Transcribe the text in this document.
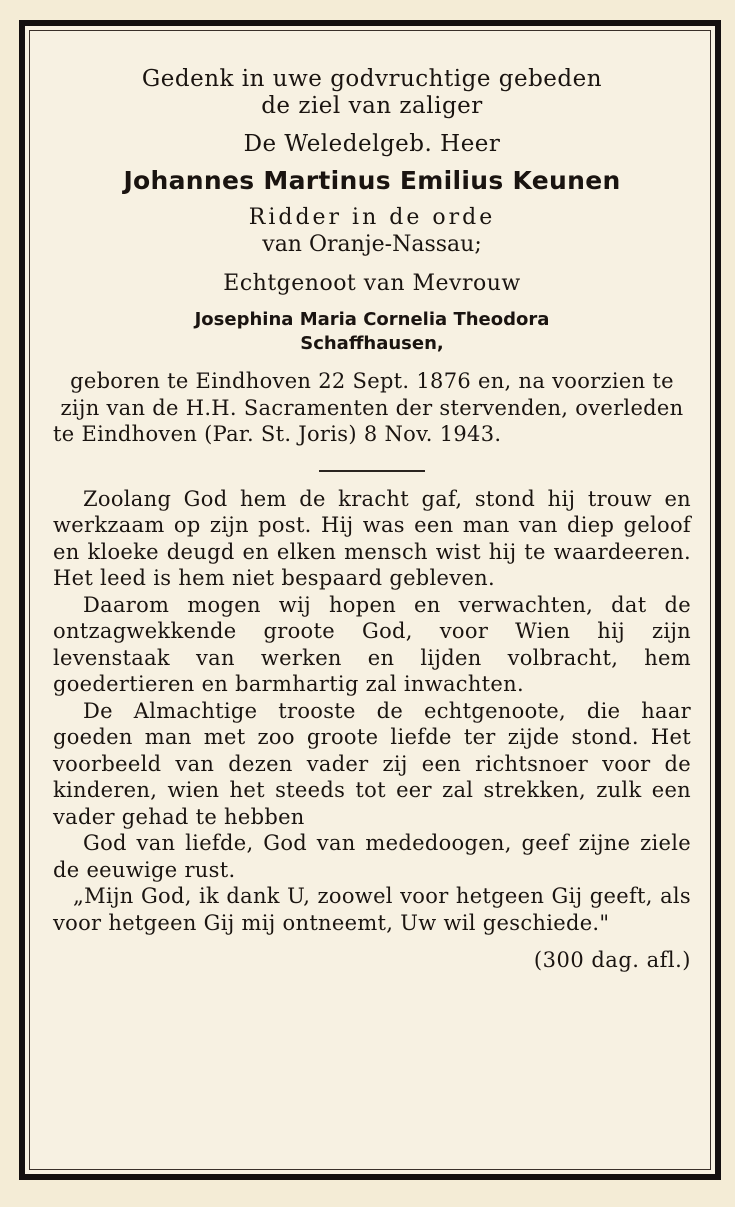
Gedenk in uwe godvruchtige gebeden

de ziel van zaliger

De Weledelgeb. Heer

Johannes Martinus Emilius Keunen

Ridder in de orde

van Oranje-Nassau;

Echtgenoot van Mevrouw

Josephina Maria Cornelia Theodora

Schaffhausen,

geboren te Eindhoven 22 Sept. 1876 en, na voorzien te zijn van de H.H. Sacramenten der stervenden, overleden te Eindhoven (Par. St. Joris) 8 Nov. 1943.

Zoolang God hem de kracht gaf, stond hij trouw en werkzaam op zijn post. Hij was een man van diep geloof en kloeke deugd en elken mensch wist hij te waardeeren. Het leed is hem niet bespaard gebleven.

Daarom mogen wij hopen en verwachten, dat de ontzagwekkende groote God, voor Wien hij zijn levenstaak van werken en lijden volbracht, hem goedertieren en barmhartig zal inwachten.

De Almachtige trooste de echtgenoote, die haar goeden man met zoo groote liefde ter zijde stond. Het voorbeeld van dezen vader zij een richtsnoer voor de kinderen, wien het steeds tot eer zal strekken, zulk een vader gehad te hebben

God van liefde, God van mededoogen, geef zijne ziele de eeuwige rust.

„Mijn God, ik dank U, zoowel voor hetgeen Gij geeft, als voor hetgeen Gij mij ontneemt, Uw wil geschiede."

(300 dag. afl.)
